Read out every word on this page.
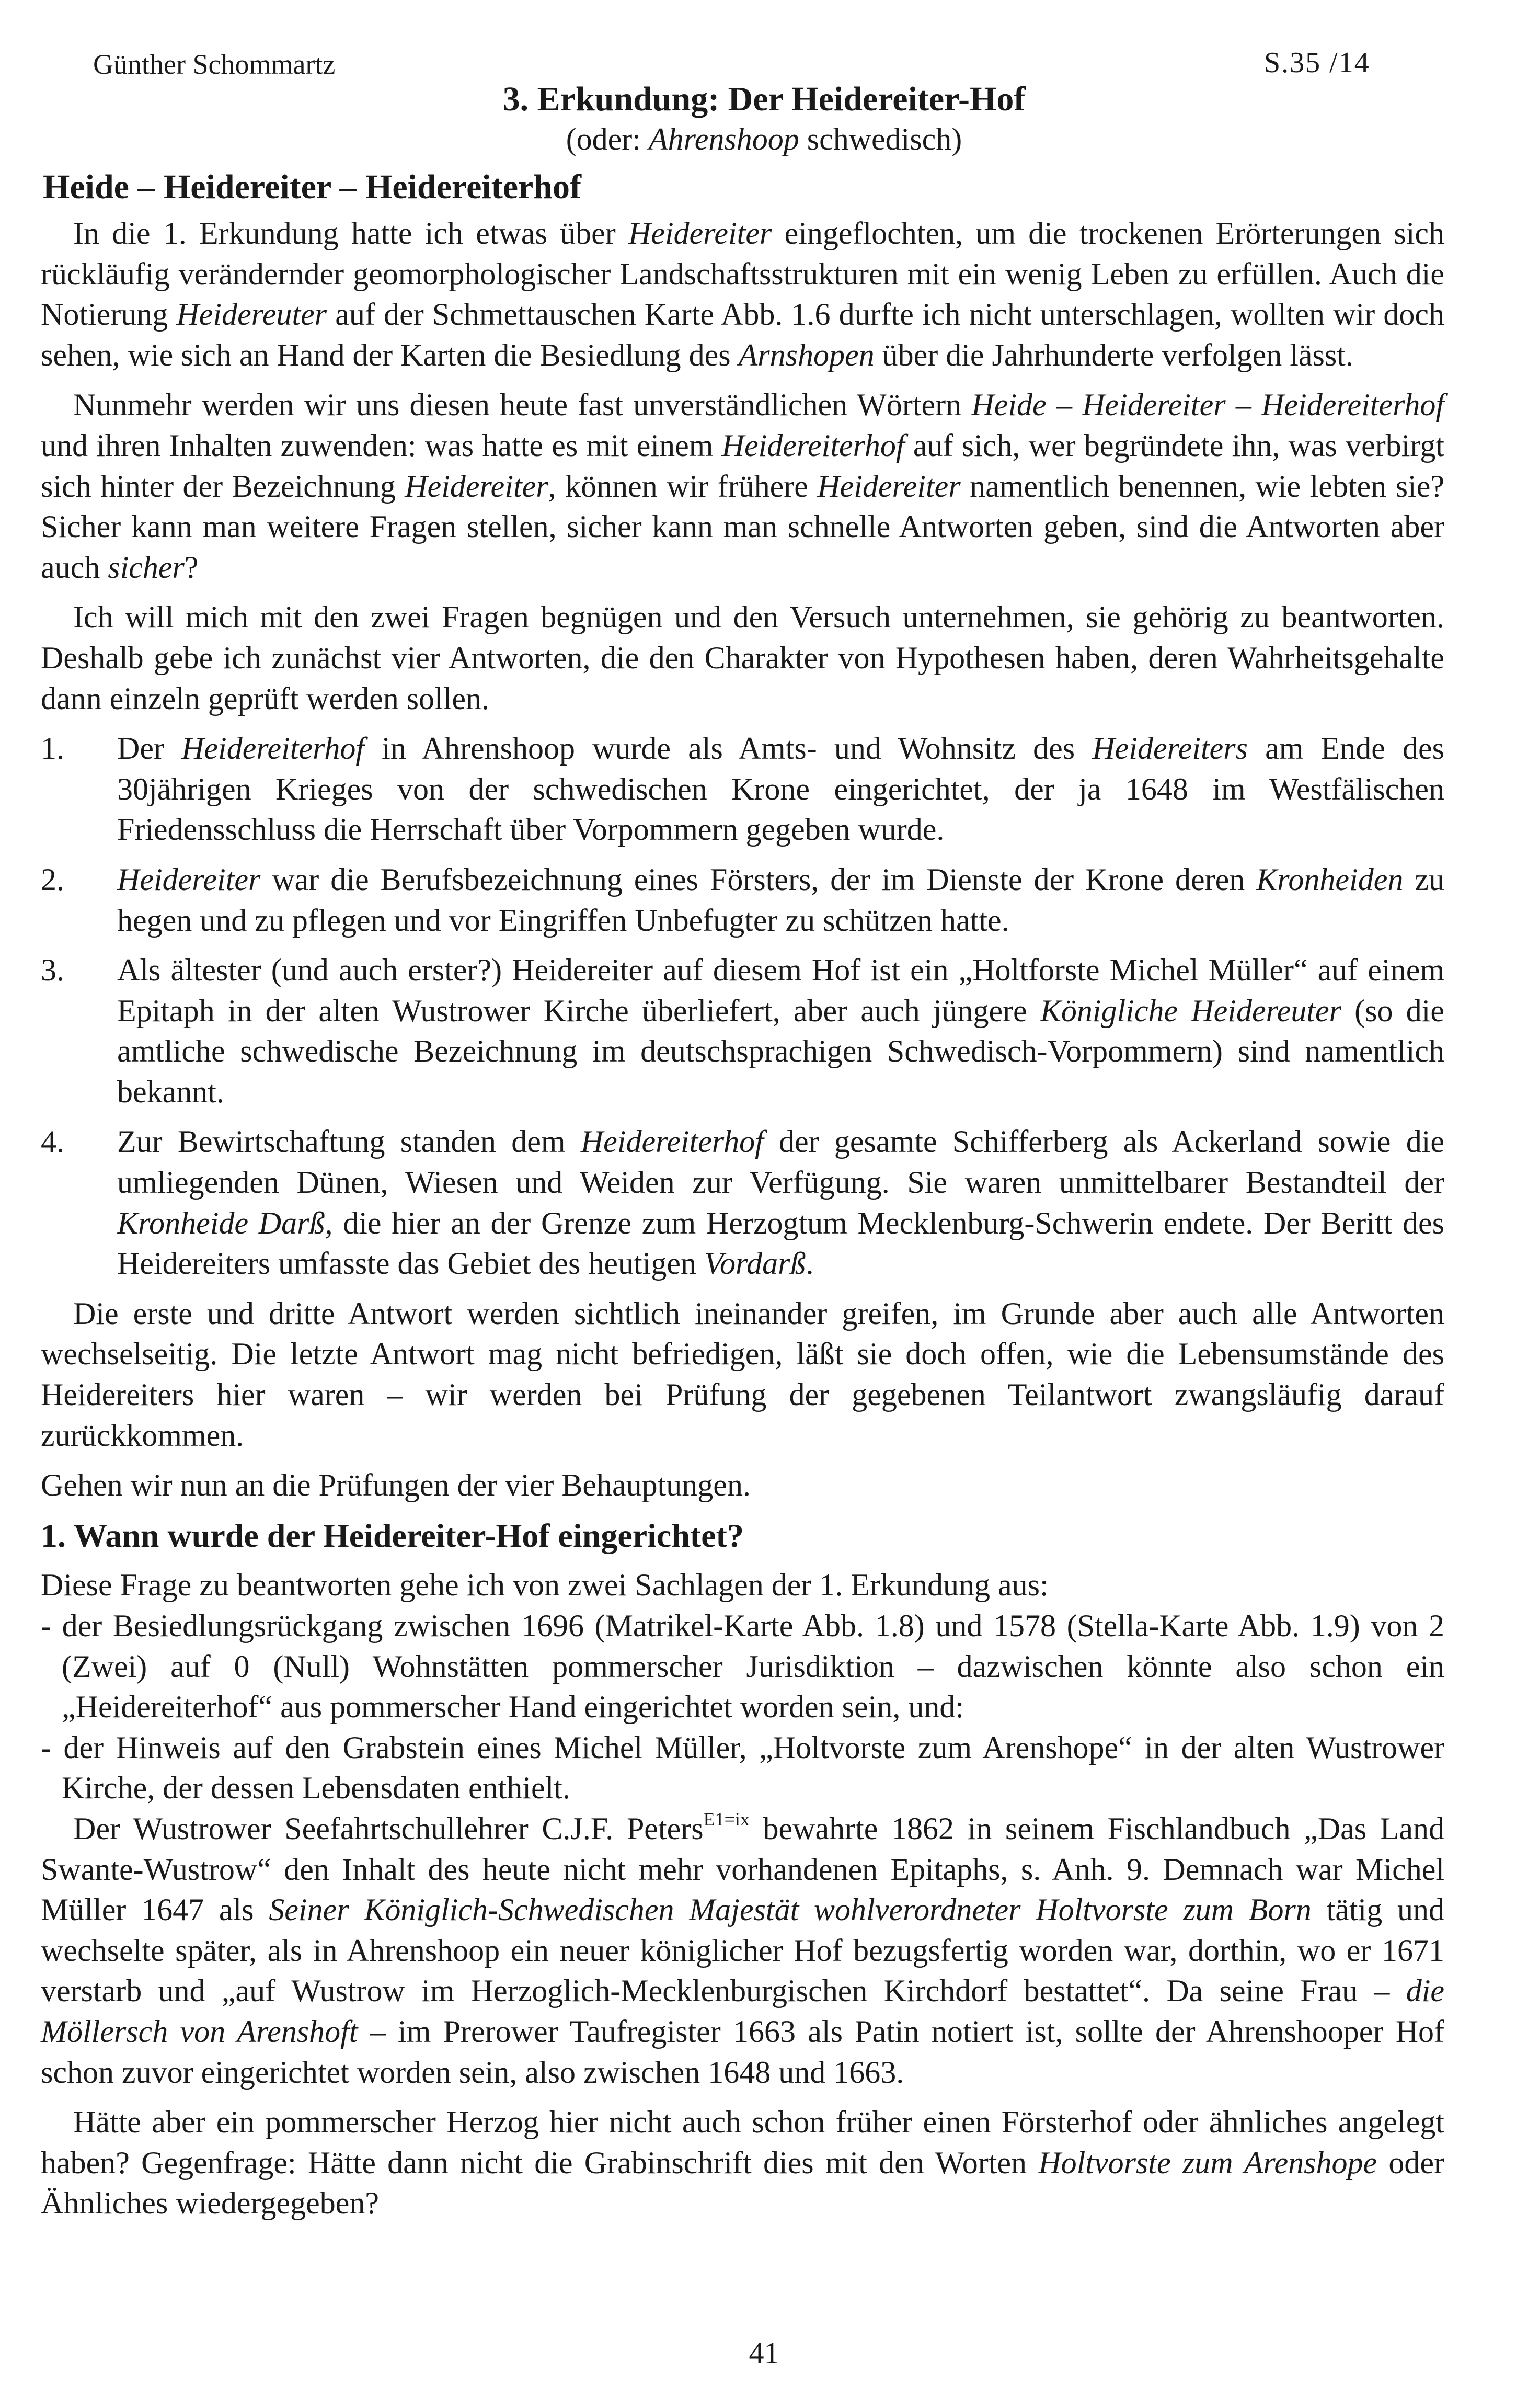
Günther Schommartz	S.35 /14
3. Erkundung: Der Heidereiter-Hof
(oder: Ahrenshoop schwedisch)
Heide – Heidereiter – Heidereiterhof

In die 1. Erkundung hatte ich etwas über Heidereiter eingeflochten, um die trockenen Erörterungen sich rückläufig verändernder geomorphologischer Landschaftsstrukturen mit ein wenig Leben zu erfüllen. Auch die Notierung Heidereuter auf der Schmettauschen Karte Abb. 1.6 durfte ich nicht unterschlagen, wollten wir doch sehen, wie sich an Hand der Karten die Besiedlung des Arnshopen über die Jahrhunderte verfolgen lässt.

Nunmehr werden wir uns diesen heute fast unverständlichen Wörtern Heide – Heidereiter – Heidereiterhof und ihren Inhalten zuwenden: was hatte es mit einem Heidereiterhof auf sich, wer begründete ihn, was verbirgt sich hinter der Bezeichnung Heidereiter, können wir frühere Heidereiter namentlich benennen, wie lebten sie? Sicher kann man weitere Fragen stellen, sicher kann man schnelle Antworten geben, sind die Antworten aber auch sicher?

Ich will mich mit den zwei Fragen begnügen und den Versuch unternehmen, sie gehörig zu beantworten. Deshalb gebe ich zunächst vier Antworten, die den Charakter von Hypothesen haben, deren Wahrheitsgehalte dann einzeln geprüft werden sollen.

1.	Der Heidereiterhof in Ahrenshoop wurde als Amts- und Wohnsitz des Heidereiters am Ende des 30jährigen Krieges von der schwedischen Krone eingerichtet, der ja 1648 im Westfälischen Friedensschluss die Herrschaft über Vorpommern gegeben wurde.
2.	Heidereiter war die Berufsbezeichnung eines Försters, der im Dienste der Krone deren Kronheiden zu hegen und zu pflegen und vor Eingriffen Unbefugter zu schützen hatte.
3.	Als ältester (und auch erster?) Heidereiter auf diesem Hof ist ein „Holtforste Michel Müller“ auf einem Epitaph in der alten Wustrower Kirche überliefert, aber auch jüngere Königliche Heidereuter (so die amtliche schwedische Bezeichnung im deutschsprachigen Schwedisch-Vorpommern) sind namentlich bekannt.
4.	Zur Bewirtschaftung standen dem Heidereiterhof der gesamte Schifferberg als Ackerland sowie die umliegenden Dünen, Wiesen und Weiden zur Verfügung. Sie waren unmittelbarer Bestandteil der Kronheide Darß, die hier an der Grenze zum Herzogtum Mecklenburg-Schwerin endete. Der Beritt des Heidereiters umfasste das Gebiet des heutigen Vordarß.

Die erste und dritte Antwort werden sichtlich ineinander greifen, im Grunde aber auch alle Antworten wechselseitig. Die letzte Antwort mag nicht befriedigen, läßt sie doch offen, wie die Lebensumstände des Heidereiters hier waren – wir werden bei Prüfung der gegebenen Teilantwort zwangsläufig darauf zurückkommen.

Gehen wir nun an die Prüfungen der vier Behauptungen.

1. Wann wurde der Heidereiter-Hof eingerichtet?

Diese Frage zu beantworten gehe ich von zwei Sachlagen der 1. Erkundung aus:

- der Besiedlungsrückgang zwischen 1696 (Matrikel-Karte Abb. 1.8) und 1578 (Stella-Karte Abb. 1.9) von 2 (Zwei) auf 0 (Null) Wohnstätten pommerscher Jurisdiktion – dazwischen könnte also schon ein „Heidereiterhof“ aus pommerscher Hand eingerichtet worden sein, und:

- der Hinweis auf den Grabstein eines Michel Müller, „Holtvorste zum Arenshope“ in der alten Wustrower Kirche, der dessen Lebensdaten enthielt.

Der Wustrower Seefahrtschullehrer C.J.F. Peters$^{E1=ix}$ bewahrte 1862 in seinem Fischlandbuch „Das Land Swante-Wustrow“ den Inhalt des heute nicht mehr vorhandenen Epitaphs, s. Anh. 9. Demnach war Michel Müller 1647 als Seiner Königlich-Schwedischen Majestät wohlverordneter Holtvorste zum Born tätig und wechselte später, als in Ahrenshoop ein neuer königlicher Hof bezugsfertig worden war, dorthin, wo er 1671 verstarb und „auf Wustrow im Herzoglich-Mecklenburgischen Kirchdorf bestattet“. Da seine Frau – die Möllersch von Arenshoft – im Prerower Taufregister 1663 als Patin notiert ist, sollte der Ahrenshooper Hof schon zuvor eingerichtet worden sein, also zwischen 1648 und 1663.

Hätte aber ein pommerscher Herzog hier nicht auch schon früher einen Försterhof oder ähnliches angelegt haben? Gegenfrage: Hätte dann nicht die Grabinschrift dies mit den Worten Holtvorste zum Arenshope oder Ähnliches wiedergegeben?

41
